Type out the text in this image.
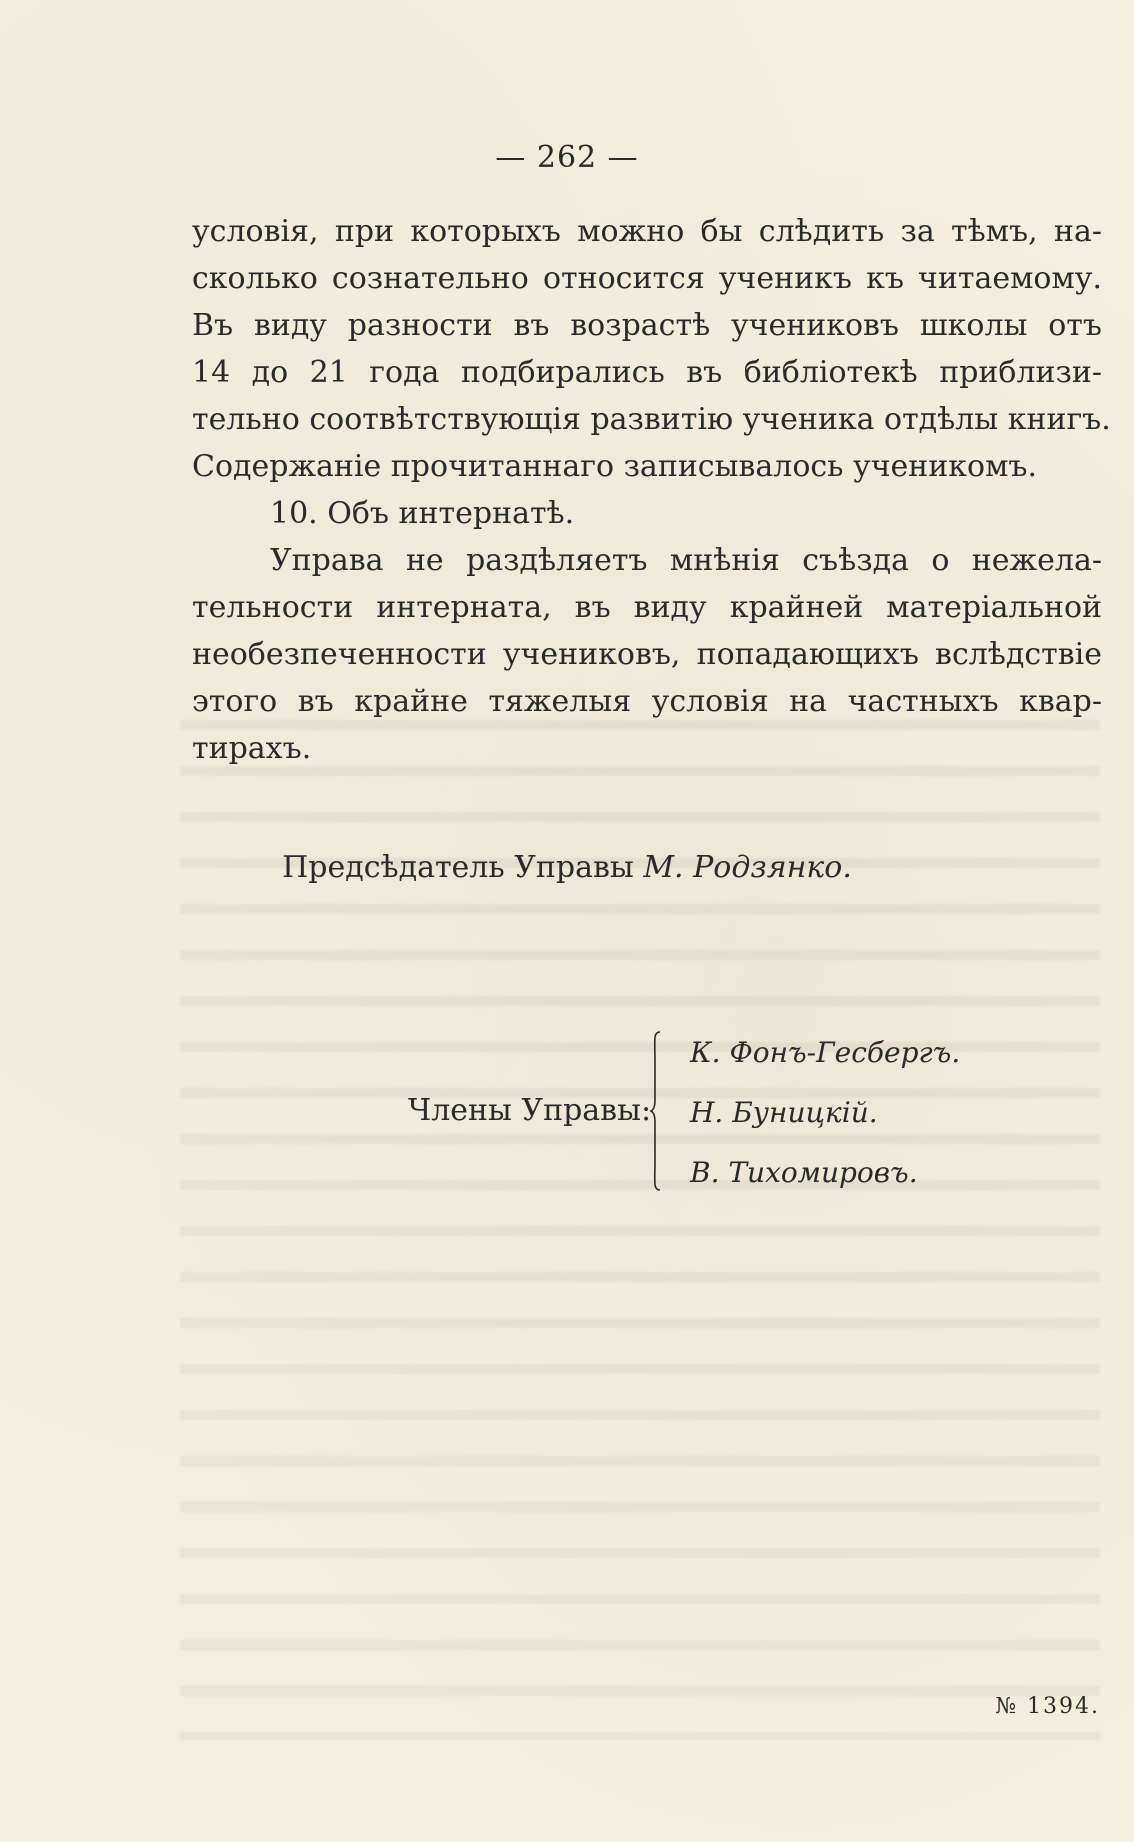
— 262 —
условія, при которыхъ можно бы слѣдить за тѣмъ, на-
сколько сознательно относится ученикъ къ читаемому.
Въ виду разности въ возрастѣ учениковъ школы отъ
14 до 21 года подбирались въ библіотекѣ приблизи-
тельно соотвѣтствующія развитію ученика отдѣлы книгъ.
Содержаніе прочитаннаго записывалось ученикомъ.
10. Объ интернатѣ.
Управа не раздѣляетъ мнѣнія съѣзда о нежела-
тельности интерната, въ виду крайней матеріальной
необезпеченности учениковъ, попадающихъ вслѣдствіе
этого въ крайне тяжелыя условія на частныхъ квар-
тирахъ.
Предсѣдатель Управы М. Родзянко.
Члены Управы:
К. Фонъ-Гесбергъ.
Н. Буницкій.
В. Тихомировъ.
№ 1394.
